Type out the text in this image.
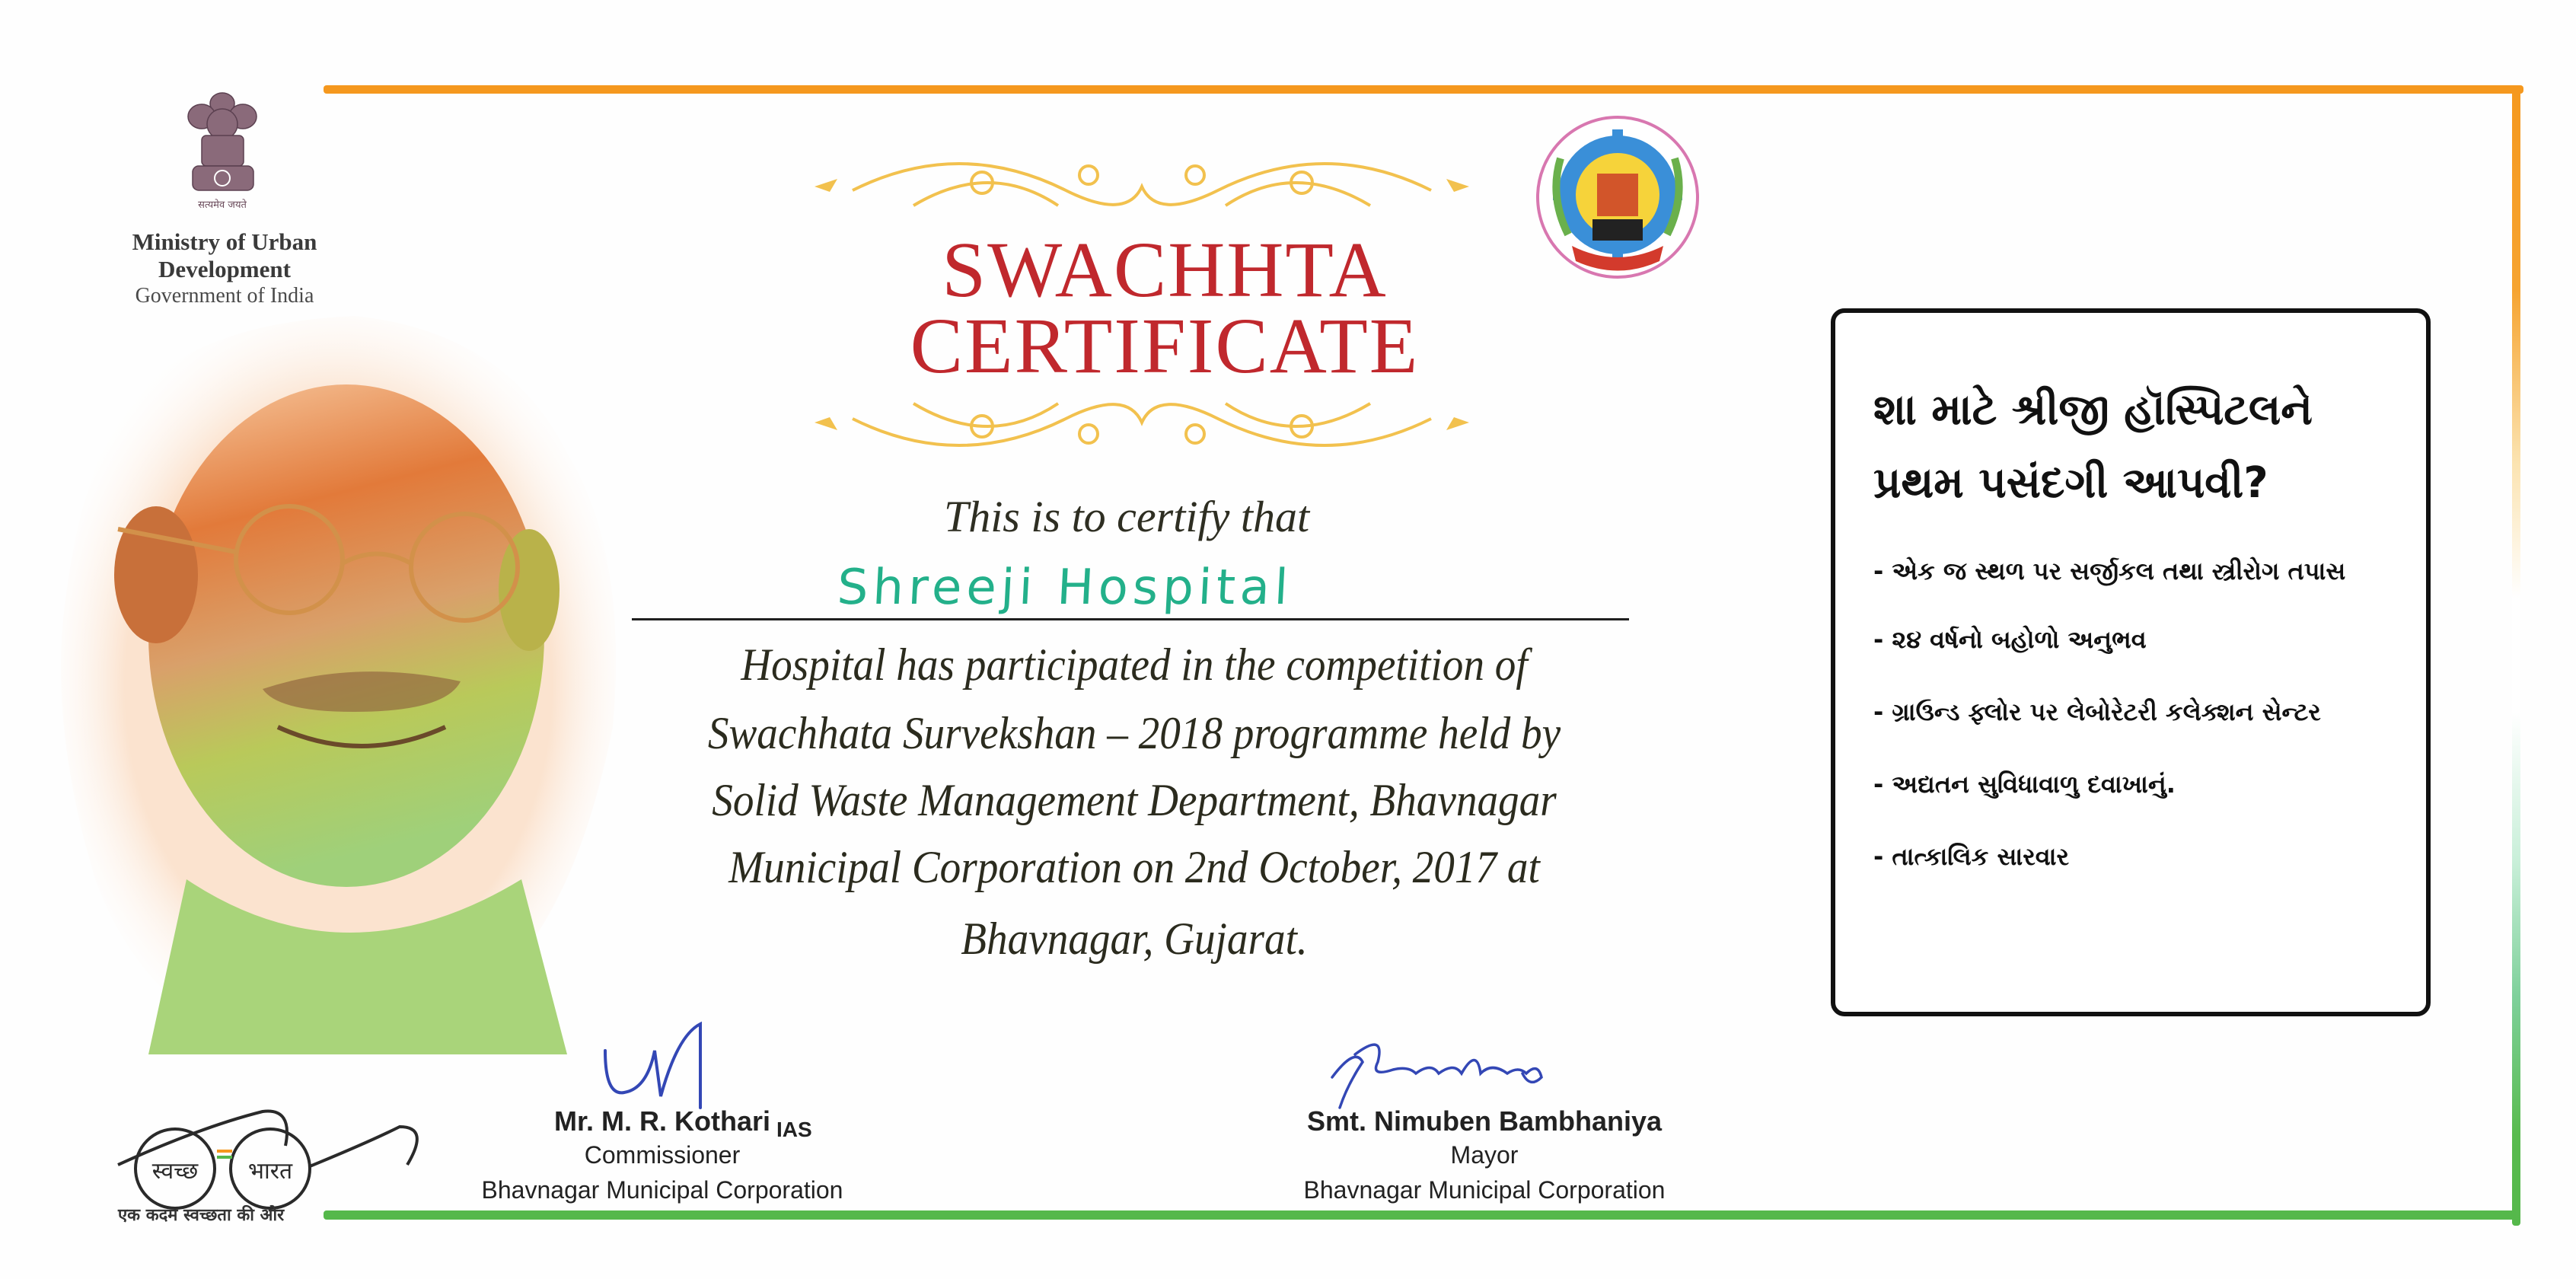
सत्यमेव जयते
Ministry of Urban
Development
Government of India	SWACHHTA
CERTIFICATE
This is to certify that
Shreeji Hospital
Hospital has participated in the competition of
Swachhata Survekshan – 2018 programme held by
Solid Waste Management Department, Bhavnagar
Municipal Corporation on 2nd October, 2017 at
Bhavnagar, Gujarat.
શા માટે શ્રીજી હૉસ્પિટલને
પ્રથમ પસંદગી આપવી?
- એક જ સ્થળ પર સર્જીકલ તથા સ્ત્રીરોગ તપાસ
- ૨૪ વર્ષનો બહોળો અનુભવ
- ગ્રાઉન્ડ ફ્લોર પર લેબોરેટરી કલેક્શન સેન્ટર
- અદ્યતન સુવિધાવાળુ દવાખાનું.
- તાત્કાલિક સારવાર
Mr. M. R. Kothari
Commissioner
Bhavnagar Municipal Corporation
IAS	Smt. Nimuben Bambhaniya
Mayor
Bhavnagar Municipal Corporation
स्वच्छ भारत
एक कदम स्वच्छता की ओर
